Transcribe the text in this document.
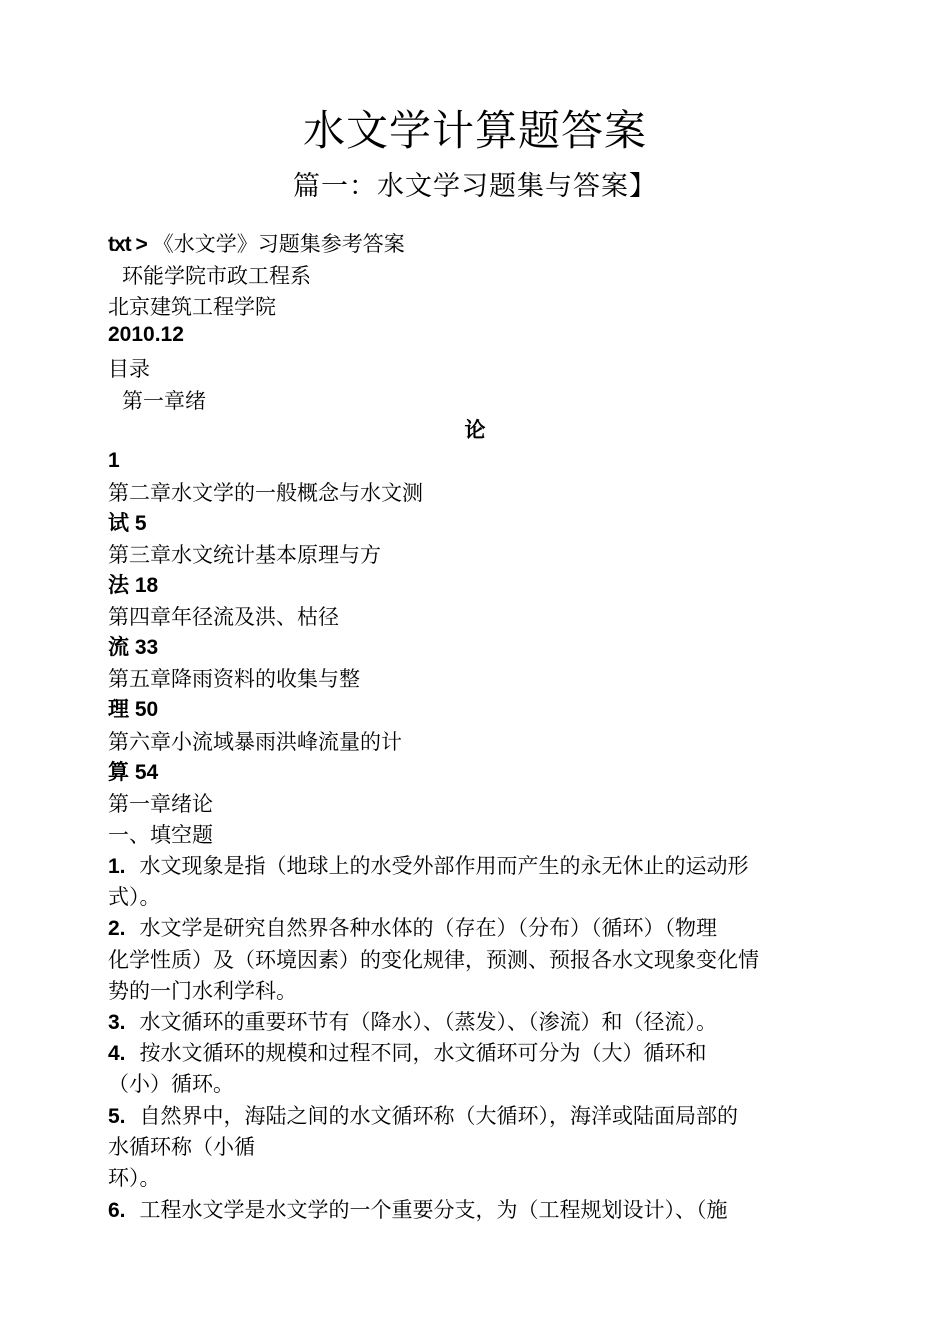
水文学计算题答案
篇一：水文学习题集与答案】
txt > 《水文学》习题集参考答案
环能学院市政工程系
北京建筑工程学院
2010.12
目录
第一章绪
论
1
第二章水文学的一般概念与水文测
试 5
第三章水文统计基本原理与方
法 18
第四章年径流及洪、枯径
流 33
第五章降雨资料的收集与整
理 50
第六章小流域暴雨洪峰流量的计
算 54
第一章绪论
一、填空题
1. 水文现象是指（地球上的水受外部作用而产生的永无休止的运动形
式）。
2. 水文学是研究自然界各种水体的（存在）（分布）（循环）（物理
化学性质）及（环境因素）的变化规律，预测、预报各水文现象变化情
势的一门水利学科。
3. 水文循环的重要环节有（降水）、（蒸发）、（渗流）和（径流）。
4. 按水文循环的规模和过程不同，水文循环可分为（大）循环和
（小）循环。
5. 自然界中，海陆之间的水文循环称（大循环），海洋或陆面局部的
水循环称（小循
环）。
6. 工程水文学是水文学的一个重要分支，为（工程规划设计）、（施
